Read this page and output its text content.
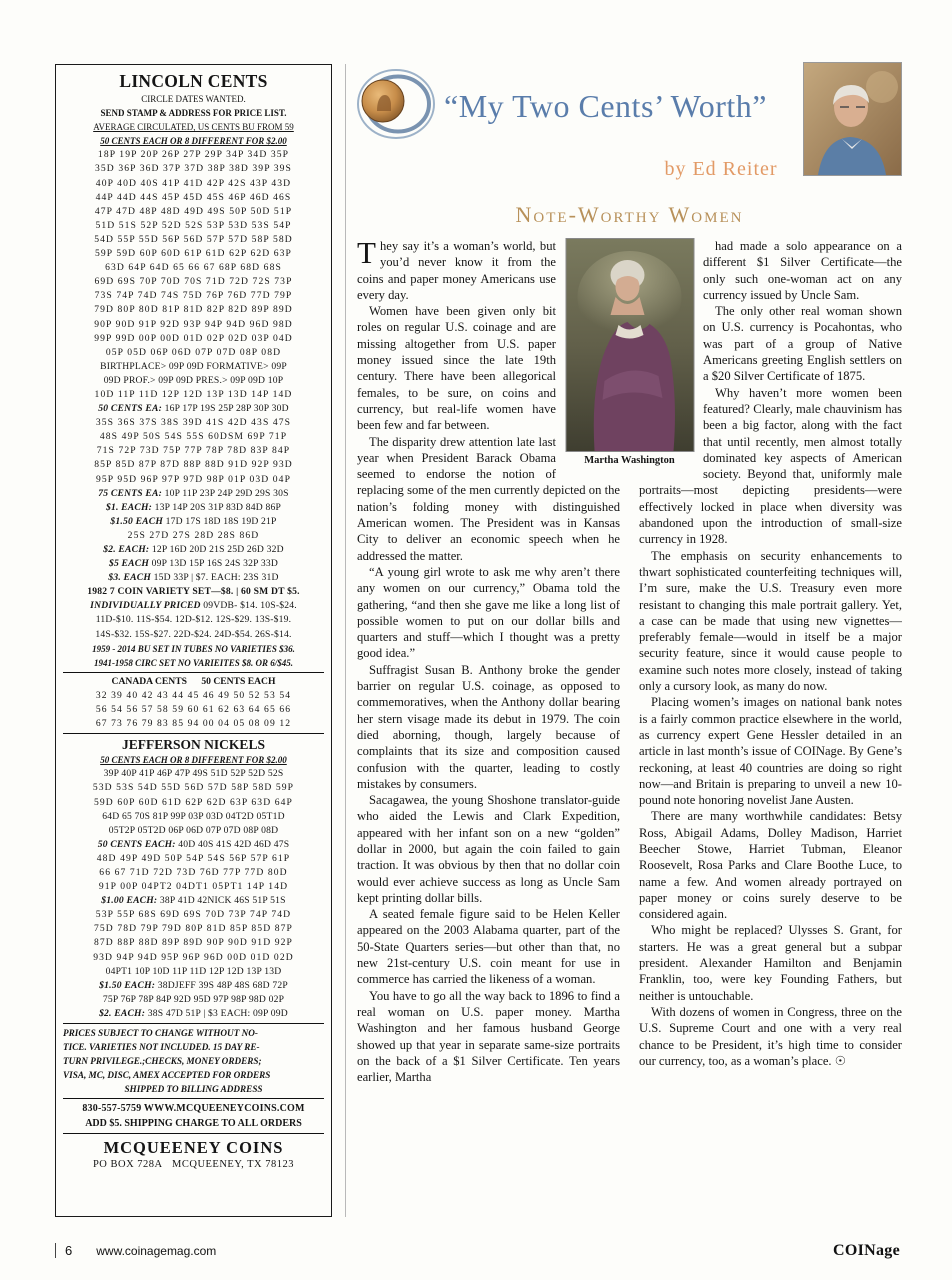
LINCOLN CENTS
CIRCLE DATES WANTED.
SEND STAMP & ADDRESS FOR PRICE LIST.
AVERAGE CIRCULATED, US CENTS BU FROM 59
50 CENTS EACH OR 8 DIFFERENT FOR $2.00
18P 19P 20P 26P 27P 29P 34P 34D 35P
35D 36P 36D 37P 37D 38P 38D 39P 39S
40P 40D 40S 41P 41D 42P 42S 43P 43D
44P 44D 44S 45P 45D 45S 46P 46D 46S
47P 47D 48P 48D 49D 49S 50P 50D 51P
51D 51S 52P 52D 52S 53P 53D 53S 54P
54D 55P 55D 56P 56D 57P 57D 58P 58D
59P 59D 60P 60D 61P 61D 62P 62D 63P
63D 64P 64D 65 66 67 68P 68D 68S
69D 69S 70P 70D 70S 71D 72D 72S 73P
73S 74P 74D 74S 75D 76P 76D 77D 79P
79D 80P 80D 81P 81D 82P 82D 89P 89D
90P 90D 91P 92D 93P 94P 94D 96D 98D
99P 99D 00P 00D 01D 02P 02D 03P 04D
05P 05D 06P 06D 07P 07D 08P 08D
BIRTHPLACE> 09P 09D FORMATIVE> 09P
09D PROF.> 09P 09D PRES.> 09P 09D 10P
10D 11P 11D 12P 12D 13P 13D 14P 14D
50 CENTS EA: 16P 17P 19S 25P 28P 30P 30D
35S 36S 37S 38S 39D 41S 42D 43S 47S
48S 49P 50S 54S 55S 60DSM 69P 71P
71S 72P 73D 75P 77P 78P 78D 83P 84P
85P 85D 87P 87D 88P 88D 91D 92P 93D
95P 95D 96P 97P 97D 98P 01P 03D 04P
75 CENTS EA: 10P 11P 23P 24P 29D 29S 30S
$1. EACH: 13P 14P 20S 31P 83D 84D 86P
$1.50 EACH 17D 17S 18D 18S 19D 21P
25S 27D 27S 28D 28S 86D
$2. EACH: 12P 16D 20D 21S 25D 26D 32D
$5 EACH 09P 13D 15P 16S 24S 32P 33D
$3. EACH 15D 33P | $7. EACH: 23S 31D
1982 7 COIN VARIETY SET—$8. | 60 SM DT $5.
INDIVIDUALLY PRICED 09VDB- $14. 10S-$24.
11D-$10. 11S-$54. 12D-$12. 12S-$29. 13S-$19.
14S-$32. 15S-$27. 22D-$24. 24D-$54. 26S-$14.
1959 - 2014 BU SET IN TUBES NO VARIETIES $36.
1941-1958 CIRC SET NO VARIEITES $8. OR 6/$45.
CANADA CENTS      50 CENTS EACH
32 39 40 42 43 44 45 46 49 50 52 53 54
56 54 56 57 58 59 60 61 62 63 64 65 66
67 73 76 79 83 85 94 00 04 05 08 09 12
JEFFERSON NICKELS
50 CENTS EACH OR 8 DIFFERENT FOR $2.00
39P 40P 41P 46P 47P 49S 51D 52P 52D 52S
53D 53S 54D 55D 56D 57D 58P 58D 59P
59D 60P 60D 61D 62P 62D 63P 63D 64P
64D 65 70S 81P 99P 03P 03D 04T2D 05T1D
05T2P 05T2D 06P 06D 07P 07D 08P 08D
50 CENTS EACH: 40D 40S 41S 42D 46D 47S
48D 49P 49D 50P 54P 54S 56P 57P 61P
66 67 71D 72D 73D 76D 77P 77D 80D
91P 00P 04PT2 04DT1 05PT1 14P 14D
$1.00 EACH: 38P 41D 42NICK 46S 51P 51S
53P 55P 68S 69D 69S 70D 73P 74P 74D
75D 78D 79P 79D 80P 81D 85P 85D 87P
87D 88P 88D 89P 89D 90P 90D 91D 92P
93D 94P 94D 95P 96P 96D 00D 01D 02D
04PT1 10P 10D 11P 11D 12P 12D 13P 13D
$1.50 EACH: 38DJEFF 39S 48P 48S 68D 72P
75P 76P 78P 84P 92D 95D 97P 98P 98D 02P
$2. EACH: 38S 47D 51P | $3 EACH: 09P 09D
PRICES SUBJECT TO CHANGE WITHOUT NO-
TICE. VARIETIES NOT INCLUDED. 15 DAY RE-
TURN PRIVILEGE.;CHECKS, MONEY ORDERS;
VISA, MC, DISC, AMEX ACCEPTED FOR ORDERS
SHIPPED TO BILLING ADDRESS
830-557-5759 WWW.MCQUEENEYCOINS.COM
ADD $5. SHIPPING CHARGE TO ALL ORDERS
MCQUEENEY COINS
PO BOX 728A   MCQUEENEY, TX 78123
“My Two Cents’ Worth”
by Ed Reiter
Note-Worthy Women

They say it’s a woman’s world, but you’d never know it from the coins and paper money Americans use every day.

Women have been given only bit roles on regular U.S. coinage and are missing altogether from U.S. paper money issued since the late 19th century. There have been allegorical females, to be sure, on coins and currency, but real-life women have been few and far between.

The disparity drew attention late last year when President Barack Obama seemed to endorse the notion of replacing some of the men currently depicted on the nation’s folding money with distinguished American women. The President was in Kansas City to deliver an economic speech when he addressed the matter.

“A young girl wrote to ask me why aren’t there any women on our currency,” Obama told the gathering, “and then she gave me like a long list of possible women to put on our dollar bills and quarters and stuff—which I thought was a pretty good idea.”

Suffragist Susan B. Anthony broke the gender barrier on regular U.S. coinage, as opposed to commemoratives, when the Anthony dollar bearing her stern visage made its debut in 1979. The coin died aborning, though, largely because of complaints that its size and composition caused confusion with the quarter, leading to costly mistakes by consumers.

Sacagawea, the young Shoshone translator-guide who aided the Lewis and Clark Expedition, appeared with her infant son on a new “golden” dollar in 2000, but again the coin failed to gain traction. It was obvious by then that no dollar coin would ever achieve success as long as Uncle Sam kept printing dollar bills.

A seated female figure said to be Helen Keller appeared on the 2003 Alabama quarter, part of the 50-State Quarters series—but other than that, no new 21st-century U.S. coin meant for use in commerce has carried the likeness of a woman.

You have to go all the way back to 1896 to find a real woman on U.S. paper money. Martha Washington and her famous husband George showed up that year in separate same-size portraits on the back of a $1 Silver Certificate. Ten years earlier, Martha

had made a solo appearance on a different $1 Silver Certificate—the only such one-woman act on any currency issued by Uncle Sam.

The only other real woman shown on U.S. currency is Pocahontas, who was part of a group of Native Americans greeting English settlers on a $20 Silver Certificate of 1875.

Why haven’t more women been featured? Clearly, male chauvinism has been a big factor, along with the fact that until recently, men almost totally dominated key aspects of American society. Beyond that, uniformly male portraits—most depicting presidents—were effectively locked in place when diversity was abandoned upon the introduction of small-size currency in 1928.

The emphasis on security enhancements to thwart sophisticated counterfeiting techniques will, I’m sure, make the U.S. Treasury even more resistant to changing this male portrait gallery. Yet, a case can be made that using new vignettes—preferably female—would in itself be a major security feature, since it would cause people to examine such notes more closely, instead of taking only a cursory look, as many do now.

Placing women’s images on national bank notes is a fairly common practice elsewhere in the world, as currency expert Gene Hessler detailed in an article in last month’s issue of COINage. By Gene’s reckoning, at least 40 countries are doing so right now—and Britain is preparing to unveil a new 10-pound note honoring novelist Jane Austen.

There are many worthwhile candidates: Betsy Ross, Abigail Adams, Dolley Madison, Harriet Beecher Stowe, Harriet Tubman, Eleanor Roosevelt, Rosa Parks and Clare Boothe Luce, to name a few. And women already portrayed on paper money or coins surely deserve to be considered again.

Who might be replaced? Ulysses S. Grant, for starters. He was a great general but a subpar president. Alexander Hamilton and Benjamin Franklin, too, were key Founding Fathers, but neither is untouchable.

With dozens of women in Congress, three on the U.S. Supreme Court and one with a very real chance to be President, it’s high time to consider our currency, too, as a woman’s place. ☉

Martha Washington
6 www.coinagemag.com	COINage
